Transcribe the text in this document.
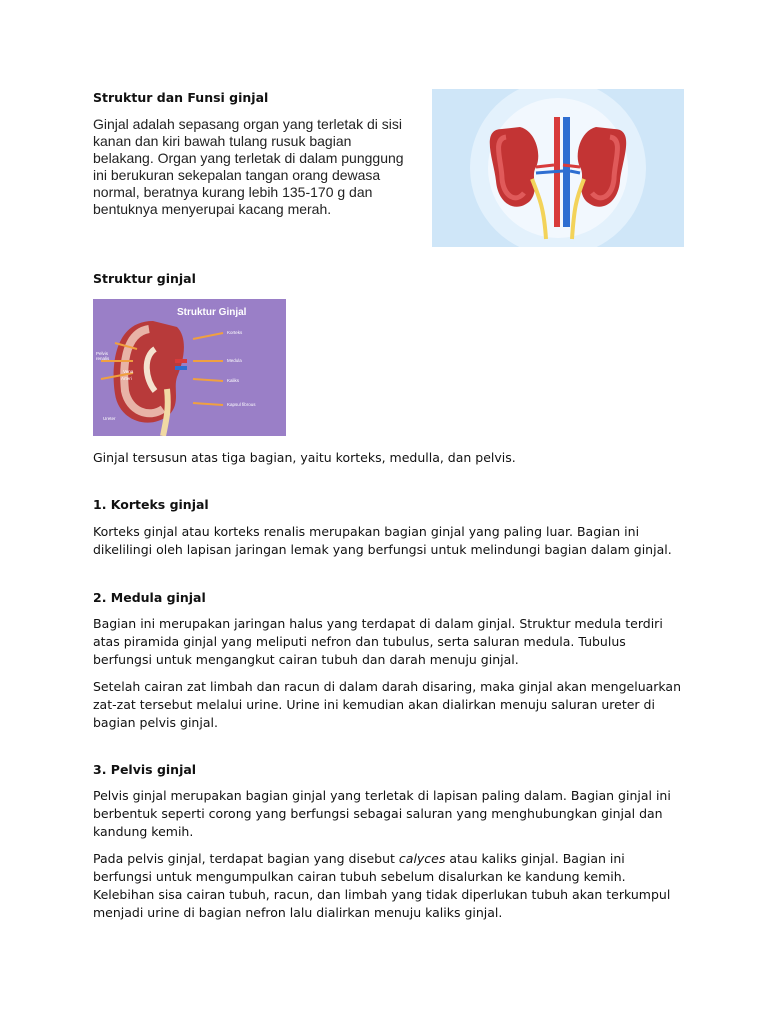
Struktur dan Funsi ginjal
Ginjal adalah sepasang organ yang terletak di sisi kanan dan kiri bawah tulang rusuk bagian belakang. Organ yang terletak di dalam punggung ini berukuran sekepalan tangan orang dewasa normal, beratnya kurang lebih 135-170 g dan bentuknya menyerupai kacang merah.
Struktur ginjal
Struktur Ginjal
Korteks
Pelvis renalis	Medula
Vena
Arteri	Kaliks
Kapsul fibrous
Ureter
Ginjal tersusun atas tiga bagian, yaitu korteks, medulla, dan pelvis.
1. Korteks ginjal
Korteks ginjal atau korteks renalis merupakan bagian ginjal yang paling luar. Bagian ini dikelilingi oleh lapisan jaringan lemak yang berfungsi untuk melindungi bagian dalam ginjal.
2. Medula ginjal
Bagian ini merupakan jaringan halus yang terdapat di dalam ginjal. Struktur medula terdiri atas piramida ginjal yang meliputi nefron dan tubulus, serta saluran medula. Tubulus berfungsi untuk mengangkut cairan tubuh dan darah menuju ginjal.
Setelah cairan zat limbah dan racun di dalam darah disaring, maka ginjal akan mengeluarkan zat-zat tersebut melalui urine. Urine ini kemudian akan dialirkan menuju saluran ureter di bagian pelvis ginjal.
3. Pelvis ginjal
Pelvis ginjal merupakan bagian ginjal yang terletak di lapisan paling dalam. Bagian ginjal ini berbentuk seperti corong yang berfungsi sebagai saluran yang menghubungkan ginjal dan kandung kemih.
Pada pelvis ginjal, terdapat bagian yang disebut calyces atau kaliks ginjal. Bagian ini berfungsi untuk mengumpulkan cairan tubuh sebelum disalurkan ke kandung kemih. Kelebihan sisa cairan tubuh, racun, dan limbah yang tidak diperlukan tubuh akan terkumpul menjadi urine di bagian nefron lalu dialirkan menuju kaliks ginjal.
